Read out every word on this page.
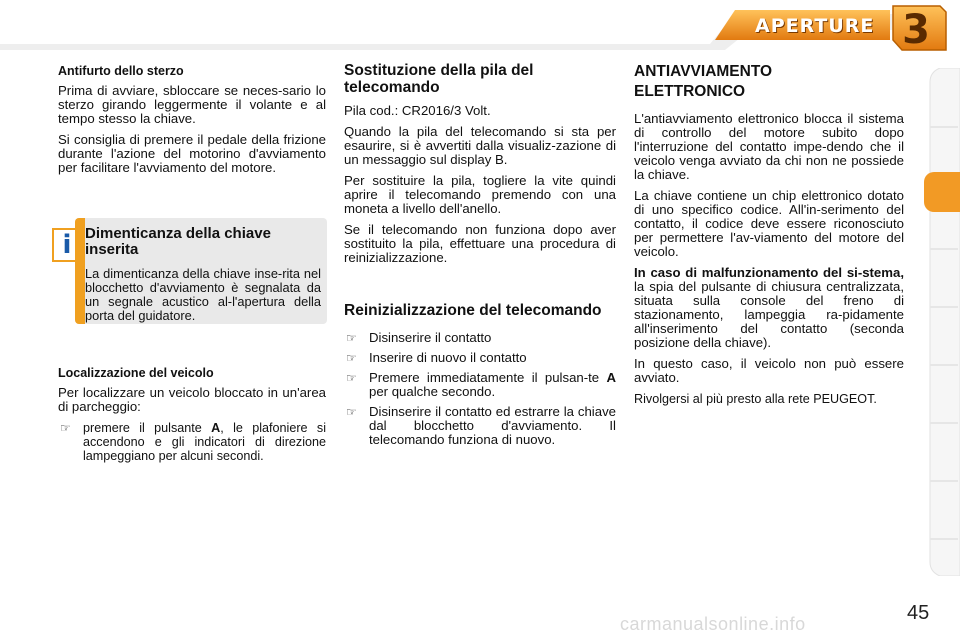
APERTURE 3
Antifurto dello sterzo

Prima di avviare, sbloccare se neces-sario lo sterzo girando leggermente il volante e al tempo stesso la chiave.

Si consiglia di premere il pedale della frizione durante l'azione del motorino d'avviamento per facilitare l'avviamento del motore.

i Dimenticanza della chiave inserita
La dimenticanza della chiave inse-rita nel blocchetto d'avviamento è segnalata da un segnale acustico al-l'apertura della porta del guidatore.
Localizzazione del veicolo

Per localizzare un veicolo bloccato in un'area di parcheggio:

☞ premere il pulsante A, le plafoniere si accendono e gli indicatori di direzione lampeggiano per alcuni secondi.
Sostituzione della pila del telecomando

Pila cod.: CR2016/3 Volt.

Quando la pila del telecomando si sta per esaurire, si è avvertiti dalla visualiz-zazione di un messaggio sul display B.

Per sostituire la pila, togliere la vite quindi aprire il telecomando premendo con una moneta a livello dell'anello.

Se il telecomando non funziona dopo aver sostituito la pila, effettuare una procedura di reinizializzazione.

Reinizializzazione del telecomando
☞ Disinserire il contatto
☞ Inserire di nuovo il contatto
☞ Premere immediatamente il pulsan-te A per qualche secondo.
☞ Disinserire il contatto ed estrarre la chiave dal blocchetto d'avviamento. Il telecomando funziona di nuovo.
ANTIAVVIAMENTO ELETTRONICO

L'antiavviamento elettronico blocca il sistema di controllo del motore subito dopo l'interruzione del contatto impe-dendo che il veicolo venga avviato da chi non ne possiede la chiave.

La chiave contiene un chip elettronico dotato di uno specifico codice. All'in-serimento del contatto, il codice deve essere riconosciuto per permettere l'av-viamento del motore del veicolo.

In caso di malfunzionamento del si-stema, la spia del pulsante di chiusura centralizzata, situata sulla console del freno di stazionamento, lampeggia ra-pidamente all'inserimento del contatto (seconda posizione della chiave).

In questo caso, il veicolo non può essere avviato.

Rivolgersi al più presto alla rete PEUGEOT.

carmanualsonline.info	45
